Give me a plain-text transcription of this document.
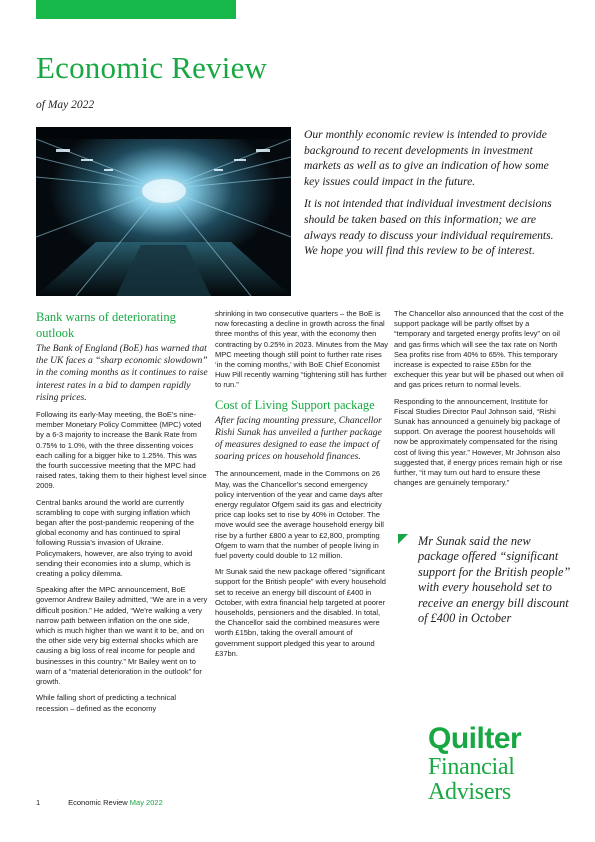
Economic Review
of May 2022

Our monthly economic review is intended to provide background to recent developments in investment markets as well as to give an indication of how some key issues could impact in the future.

It is not intended that individual investment decisions should be taken based on this information; we are always ready to discuss your individual requirements. We hope you will find this review to be of interest.

Bank warns of deteriorating outlook

The Bank of England (BoE) has warned that the UK faces a “sharp economic slowdown” in the coming months as it continues to raise interest rates in a bid to dampen rapidly rising prices.

Following its early-May meeting, the BoE’s nine-member Monetary Policy Committee (MPC) voted by a 6-3 majority to increase the Bank Rate from 0.75% to 1.0%, with the three dissenting voices each calling for a bigger hike to 1.25%. This was the fourth successive meeting that the MPC had raised rates, taking them to their highest level since 2009.

Central banks around the world are currently scrambling to cope with surging inflation which began after the post-pandemic reopening of the global economy and has continued to spiral following Russia’s invasion of Ukraine. Policymakers, however, are also trying to avoid sending their economies into a slump, which is creating a policy dilemma.

Speaking after the MPC announcement, BoE governor Andrew Bailey admitted, “We are in a very difficult position.” He added, “We’re walking a very narrow path between inflation on the one side, which is much higher than we want it to be, and on the other side very big external shocks which are causing a big loss of real income for people and businesses in this country.” Mr Bailey went on to warn of a “material deterioration in the outlook” for growth.

While falling short of predicting a technical recession – defined as the economy

shrinking in two consecutive quarters – the BoE is now forecasting a decline in growth across the final three months of this year, with the economy then contracting by 0.25% in 2023. Minutes from the May MPC meeting though still point to further rate rises ‘in the coming months,’ with BoE Chief Economist Huw Pill recently warning “tightening still has further to run.”

Cost of Living Support package

After facing mounting pressure, Chancellor Rishi Sunak has unveiled a further package of measures designed to ease the impact of soaring prices on household finances.

The announcement, made in the Commons on 26 May, was the Chancellor’s second emergency policy intervention of the year and came days after energy regulator Ofgem said its gas and electricity price cap looks set to rise by 40% in October. The move would see the average household energy bill rise by a further £800 a year to £2,800, prompting Ofgem to warn that the number of people living in fuel poverty could double to 12 million.

Mr Sunak said the new package offered “significant support for the British people” with every household set to receive an energy bill discount of £400 in October, with extra financial help targeted at poorer households, pensioners and the disabled. In total, the Chancellor said the combined measures were worth £15bn, taking the overall amount of government support pledged this year to around £37bn.

The Chancellor also announced that the cost of the support package will be partly offset by a “temporary and targeted energy profits levy” on oil and gas firms which will see the tax rate on North Sea profits rise from 40% to 65%. This temporary increase is expected to raise £5bn for the exchequer this year but will be phased out when oil and gas prices return to normal levels.

Responding to the announcement, Institute for Fiscal Studies Director Paul Johnson said, “Rishi Sunak has announced a genuinely big package of support. On average the poorest households will now be approximately compensated for the rising cost of living this year.” However, Mr Johnson also suggested that, if energy prices remain high or rise further, “it may turn out hard to ensure these changes are genuinely temporary.”

Mr Sunak said the new package offered “significant support for the British people” with every household set to receive an energy bill discount of £400 in October

Quilter
Financial
Advisers
1	Economic Review May 2022
